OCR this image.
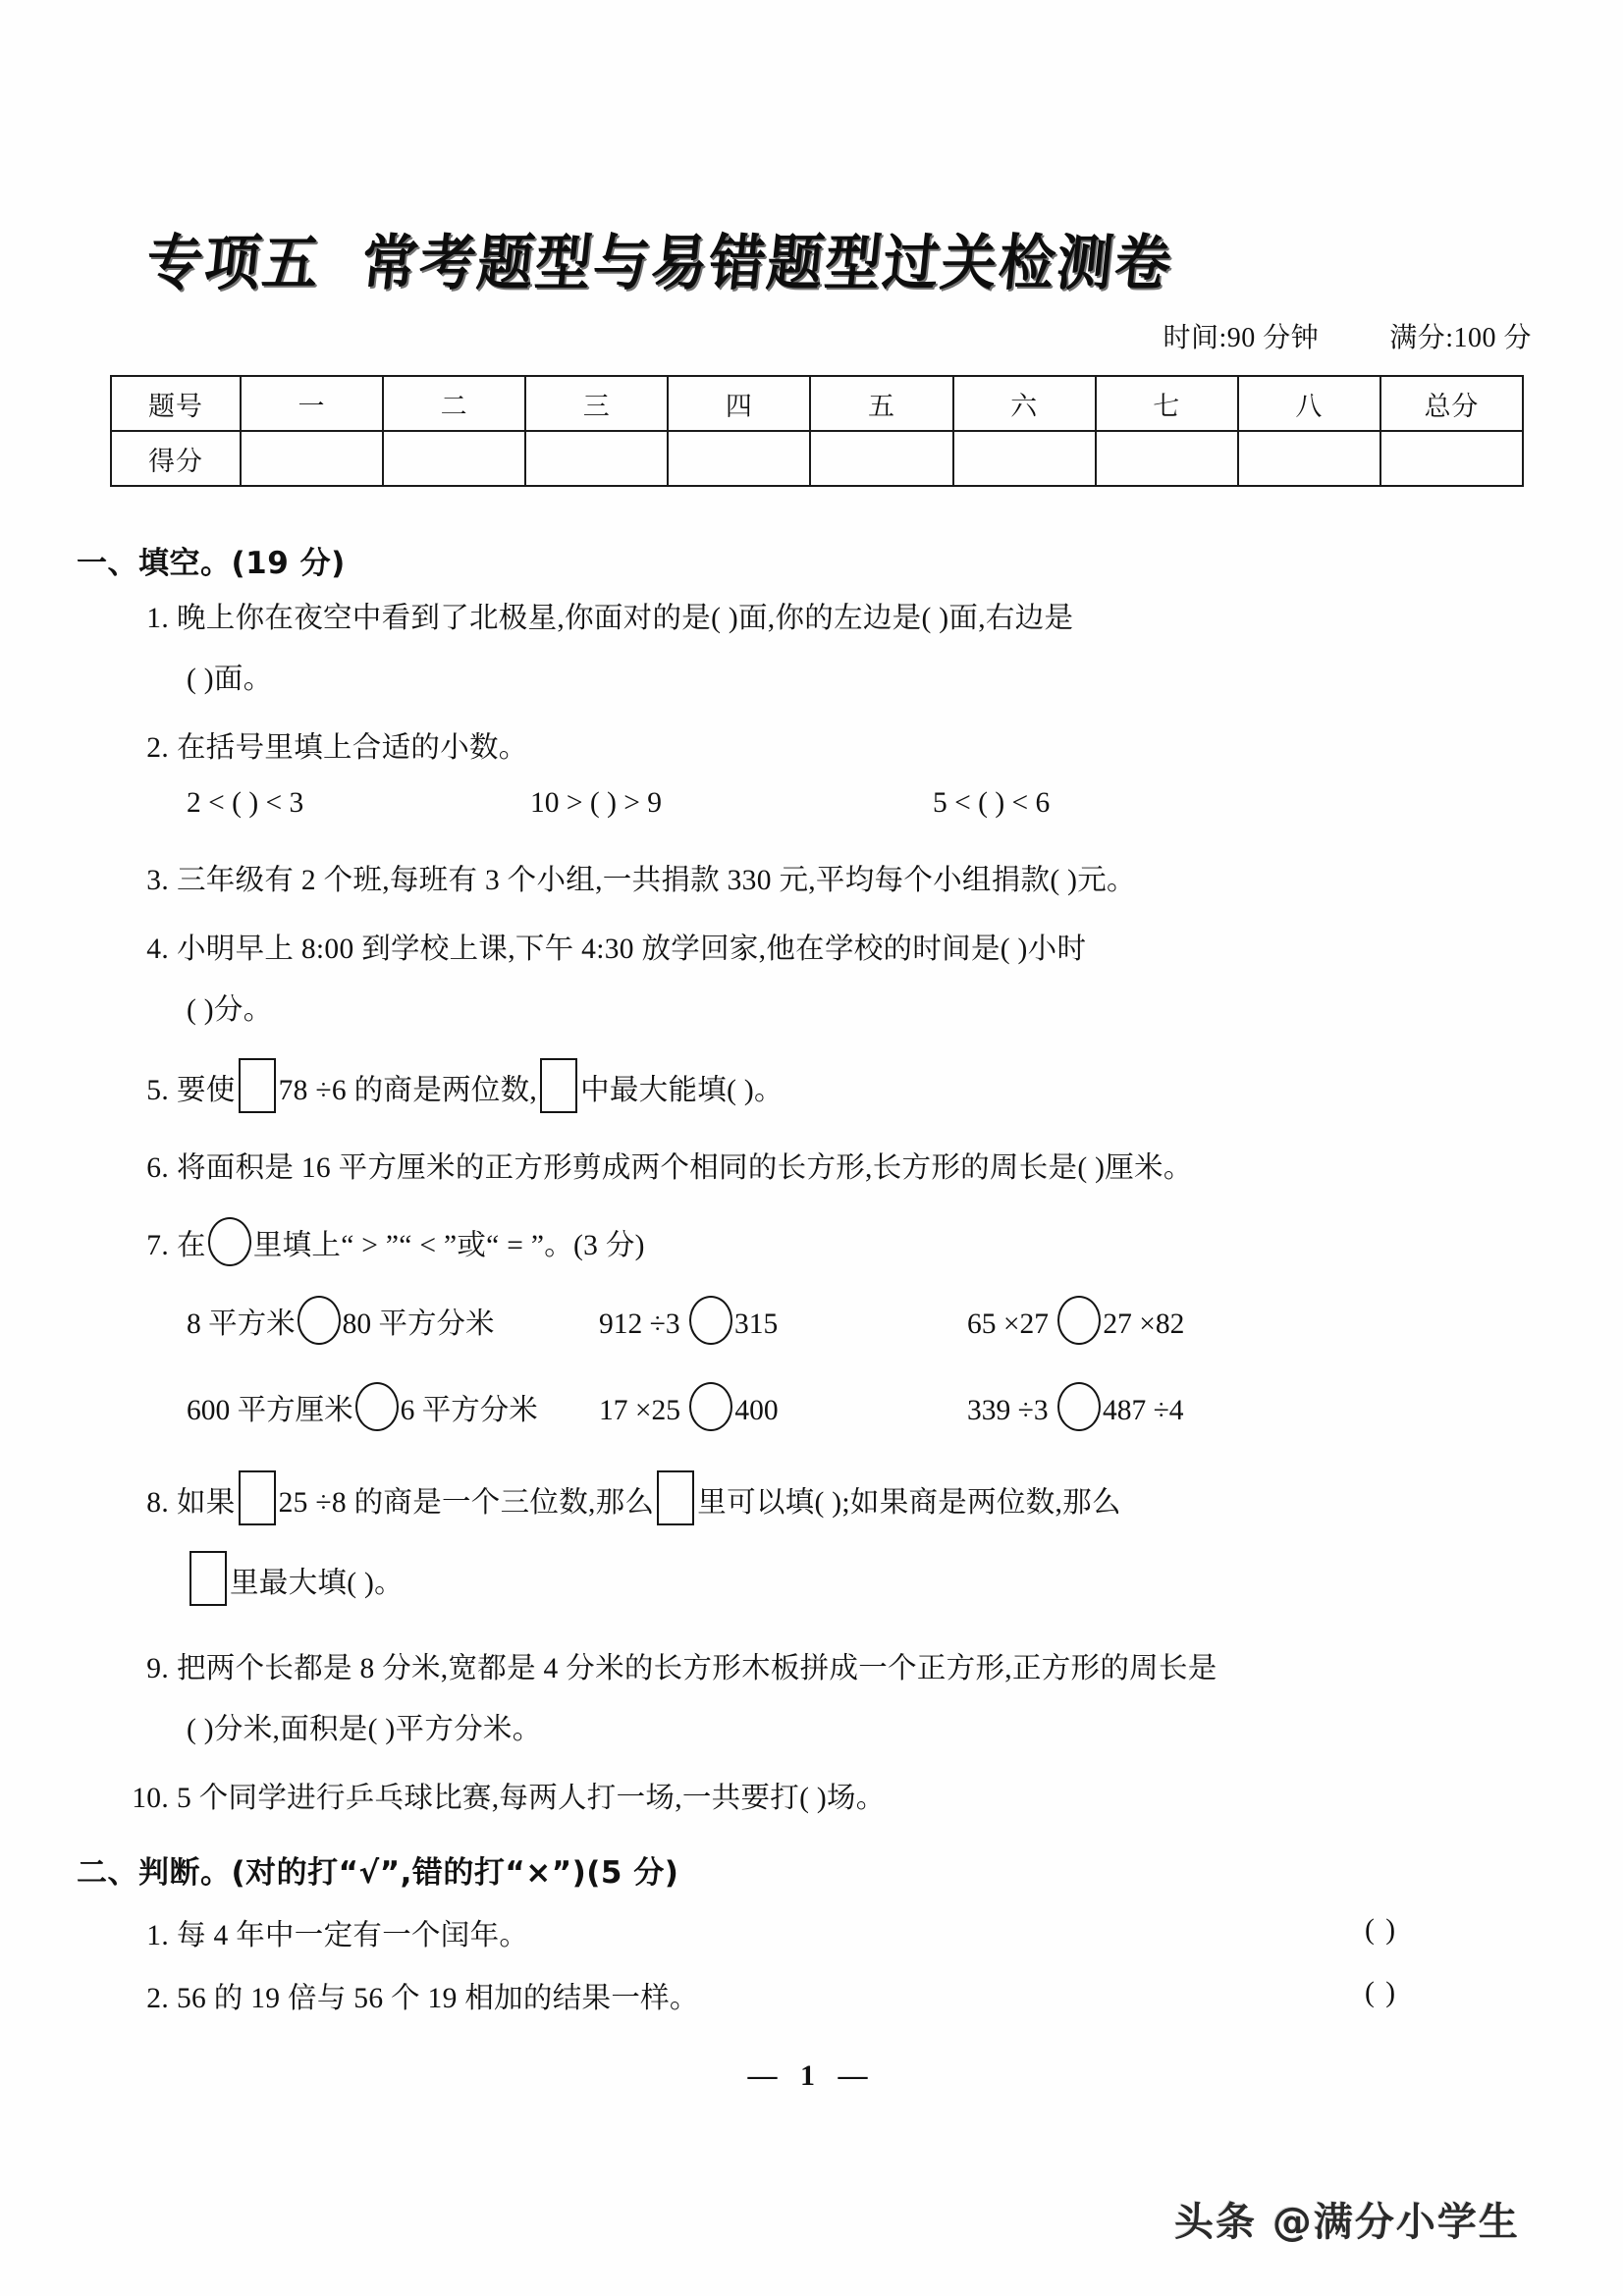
专项五 常考题型与易错题型过关检测卷
时间:90 分钟	满分:100 分
题号	一	二	三	四	五	六	七	八	总分
得分									
一、填空。(19 分)
1. 晚上你在夜空中看到了北极星,你面对的是( )面,你的左边是( )面,右边是
( )面。
2. 在括号里填上合适的小数。
2 < ( ) < 3	10 > ( ) > 9	5 < ( ) < 6
3. 三年级有 2 个班,每班有 3 个小组,一共捐款 330 元,平均每个小组捐款( )元。
4. 小明早上 8:00 到学校上课,下午 4:30 放学回家,他在学校的时间是( )小时
( )分。
5. 要使 78 ÷6 的商是两位数, 中最大能填( )。
6. 将面积是 16 平方厘米的正方形剪成两个相同的长方形,长方形的周长是( )厘米。
7. 在 里填上“ > ”“ < ”或“ = ”。(3 分)
8 平方米 80 平方分米	912 ÷3 315	65 ×27 27 ×82
600 平方厘米 6 平方分米	17 ×25 400	339 ÷3 487 ÷4
8. 如果 25 ÷8 的商是一个三位数,那么 里可以填( );如果商是两位数,那么
里最大填( )。
9. 把两个长都是 8 分米,宽都是 4 分米的长方形木板拼成一个正方形,正方形的周长是
( )分米,面积是( )平方分米。
10. 5 个同学进行乒乓球比赛,每两人打一场,一共要打( )场。
二、判断。(对的打“√”,错的打“×”)(5 分)
1. 每 4 年中一定有一个闰年。	( )
2. 56 的 19 倍与 56 个 19 相加的结果一样。	( )
— 1 —
头条 @满分小学生
